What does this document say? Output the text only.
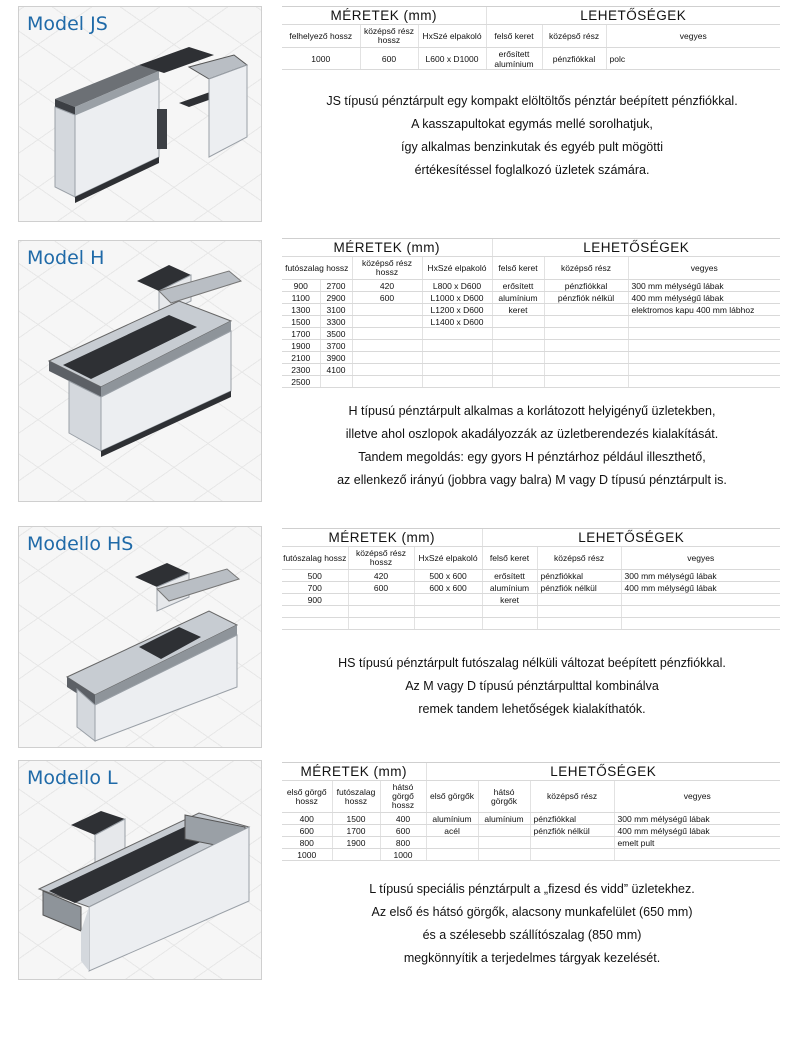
Model JS	MÉRETEK (mm)			LEHETŐSÉGEK		
felhelyező hossz	középső rész hossz	HxSzé elpakoló	felső keret	középső rész	vegyes
1000	600	L600 x D1000	erősített alumínium	pénzfiókkal	polc
JS típusú pénztárpult egy kompakt elöltöltős pénztár beépített pénzfiókkal.
A kasszapultokat egymás mellé sorolhatjuk,
így alkalmas benzinkutak és egyéb pult mögötti
értékesítéssel foglalkozó üzletek számára.
Model H	MÉRETEK (mm)				LEHETŐSÉGEK		
futószalag hossz		középső rész hossz	HxSzé elpakoló	felső keret	középső rész	vegyes
900	2700	420	L800 x D600	erősített	pénzfiókkal	300 mm mélységű lábak
1100	2900	600	L1000 x D600	alumínium	pénzfiók nélkül	400 mm mélységű lábak
1300	3100		L1200 x D600	keret		elektromos kapu 400 mm lábhoz
1500	3300		L1400 x D600			
1700	3500					
1900	3700					
2100	3900					
2300	4100					
2500						
H típusú pénztárpult alkalmas a korlátozott helyigényű üzletekben,
illetve ahol oszlopok akadályozzák az üzletberendezés kialakítását.
Tandem megoldás: egy gyors H pénztárhoz például illeszthető,
az ellenkező irányú (jobbra vagy balra) M vagy D típusú pénztárpult is.
Modello HS	MÉRETEK (mm)			LEHETŐSÉGEK		
futószalag hossz	középső rész hossz	HxSzé elpakoló	felső keret	középső rész	vegyes
500	420	500 x 600	erősített	pénzfiókkal	300 mm mélységű lábak
700	600	600 x 600	alumínium	pénzfiók nélkül	400 mm mélységű lábak
900			keret		

HS típusú pénztárpult futószalag nélküli változat beépített pénzfiókkal.
Az M vagy D típusú pénztárpulttal kombinálva
remek tandem lehetőségek kialakíthatók.
Modello L	MÉRETEK (mm)			LEHETŐSÉGEK			
első görgő hossz	futószalag hossz	hátsó görgő hossz	első görgők	hátsó görgők	középső rész	vegyes
400	1500	400	alumínium	alumínium	pénzfiókkal	300 mm mélységű lábak
600	1700	600	acél		pénzfiók nélkül	400 mm mélységű lábak
800	1900	800				emelt pult
1000		1000				
L típusú speciális pénztárpult a „fizesd és vidd” üzletekhez.
Az első és hátsó görgők, alacsony munkafelület (650 mm)
és a szélesebb szállítószalag (850 mm)
megkönnyítik a terjedelmes tárgyak kezelését.
